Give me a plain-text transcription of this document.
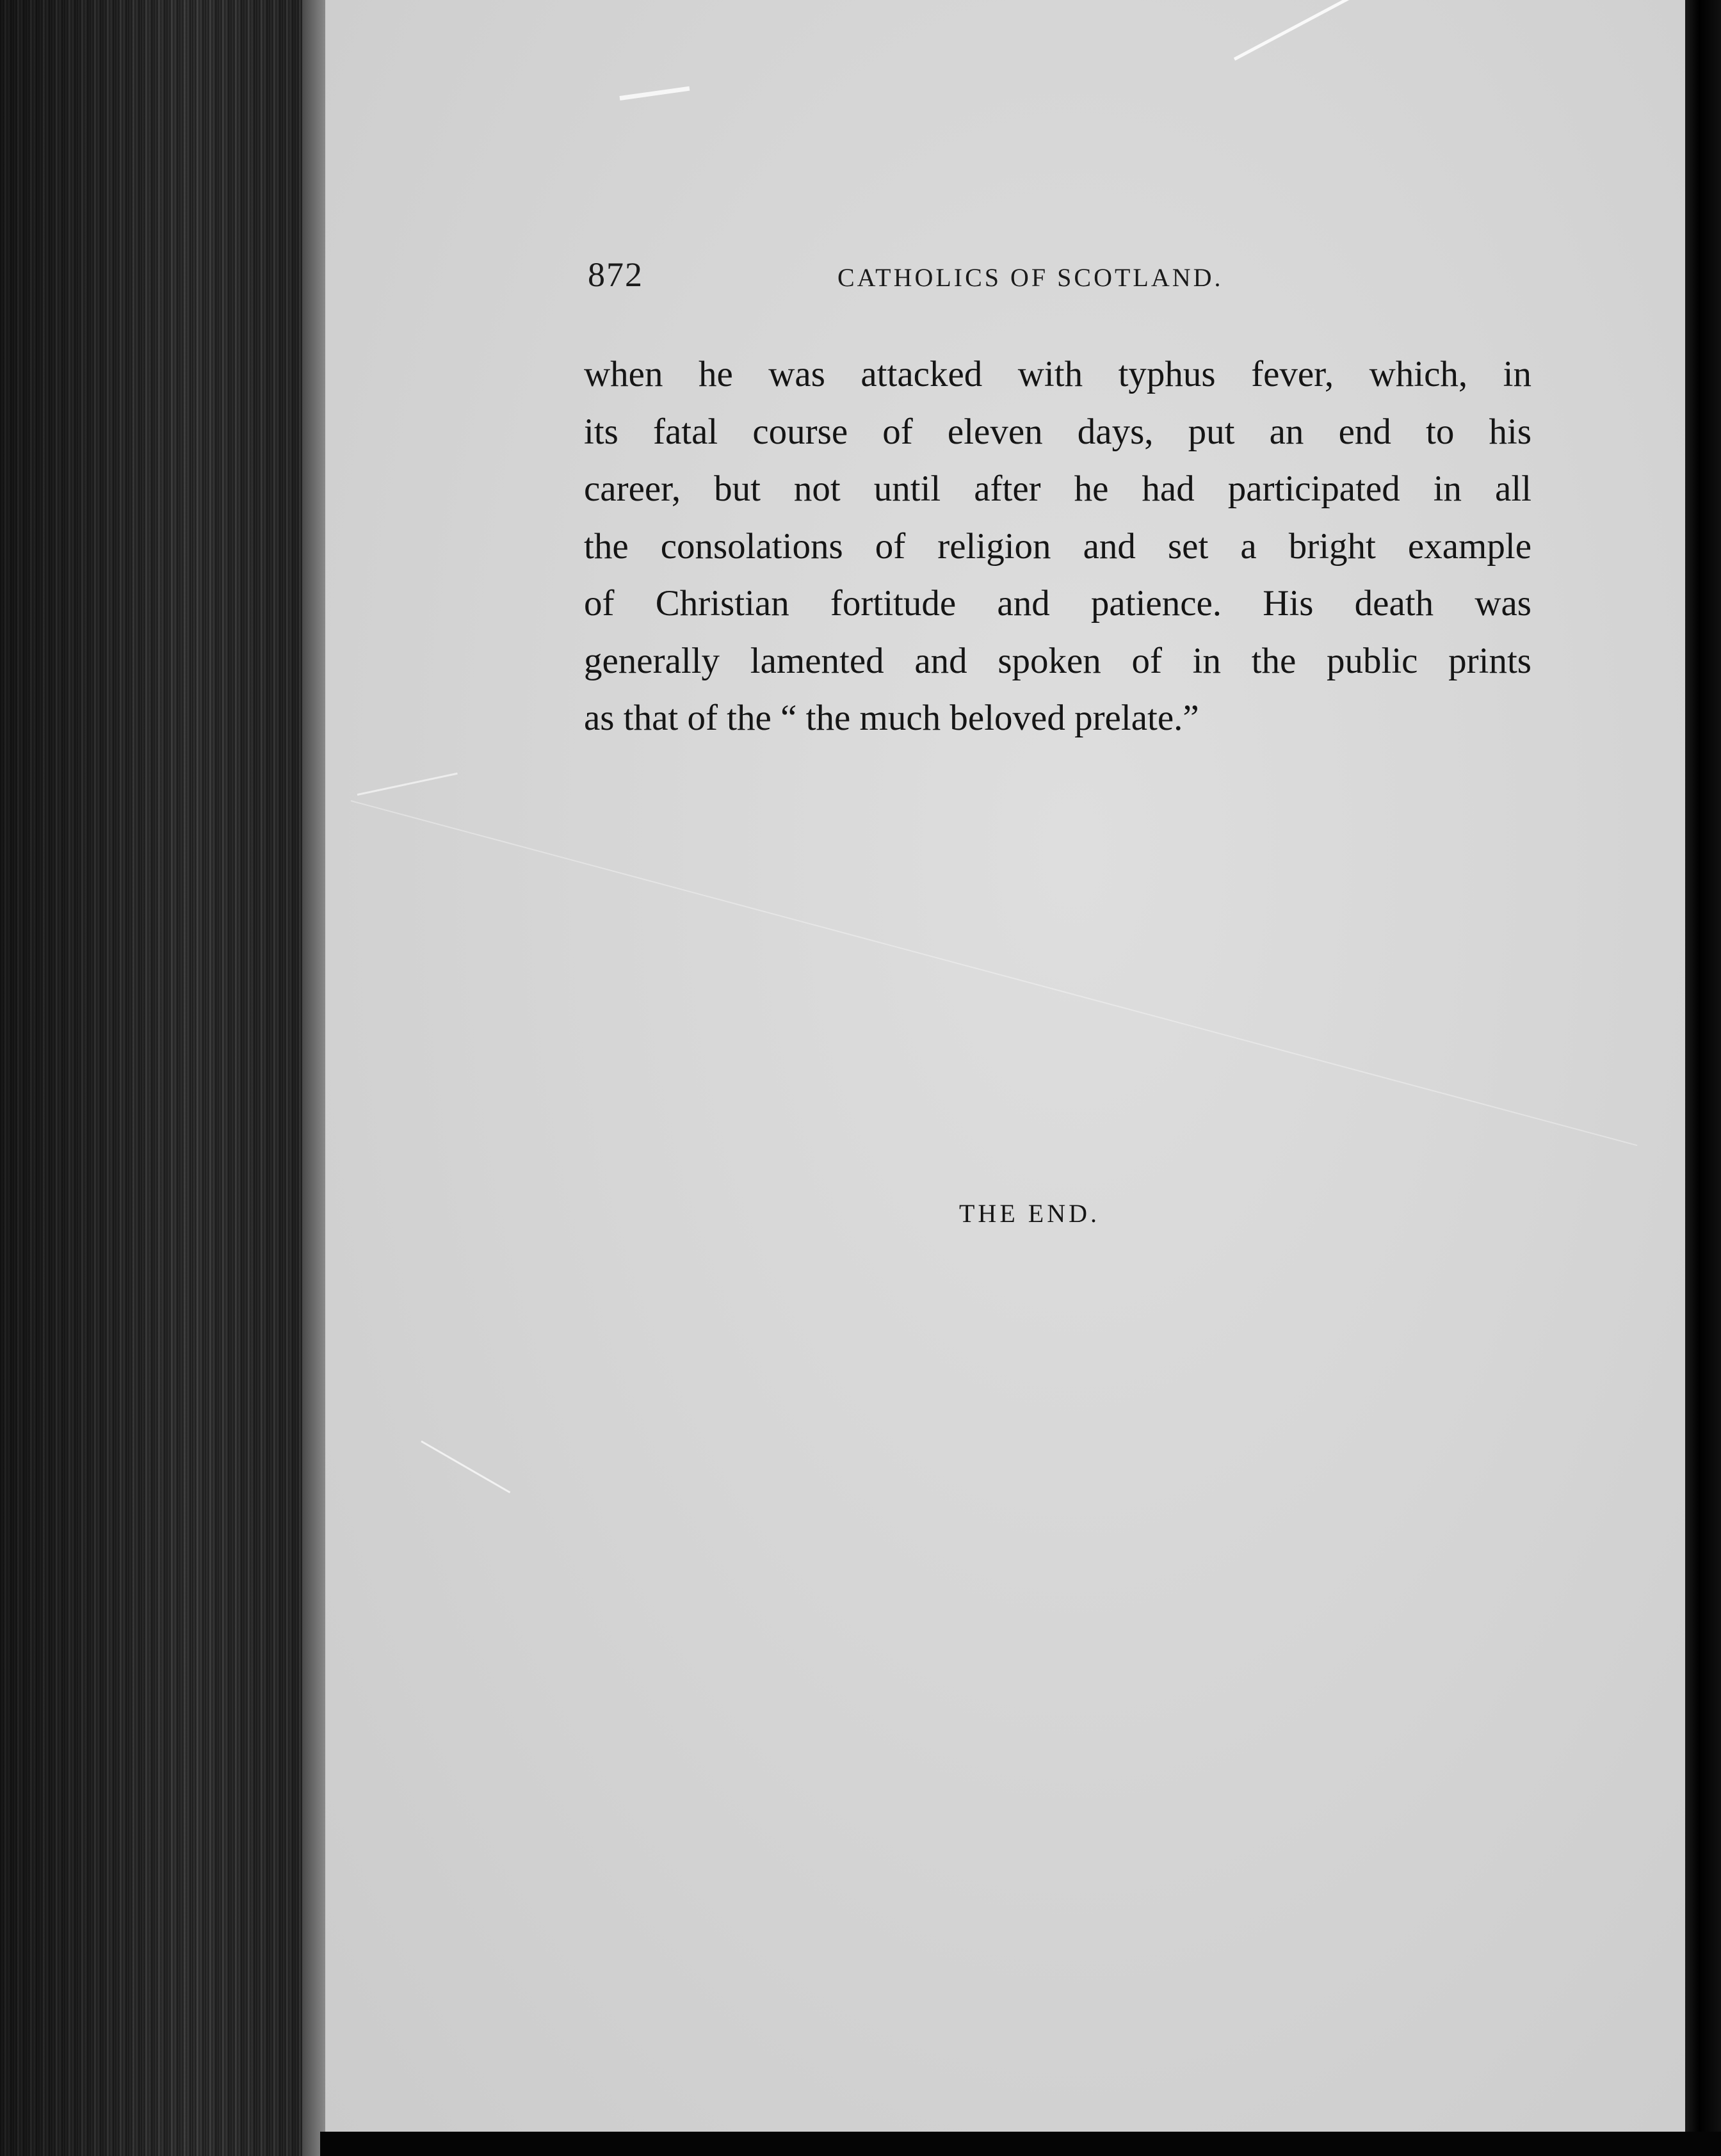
872	CATHOLICS OF SCOTLAND.
when he was attacked with typhus fever, which, in
its fatal course of eleven days, put an end to his
career, but not until after he had participated in all
the consolations of religion and set a bright example
of Christian fortitude and patience. His death was
generally lamented and spoken of in the public prints
as that of the “ the much beloved prelate.”
THE END.
